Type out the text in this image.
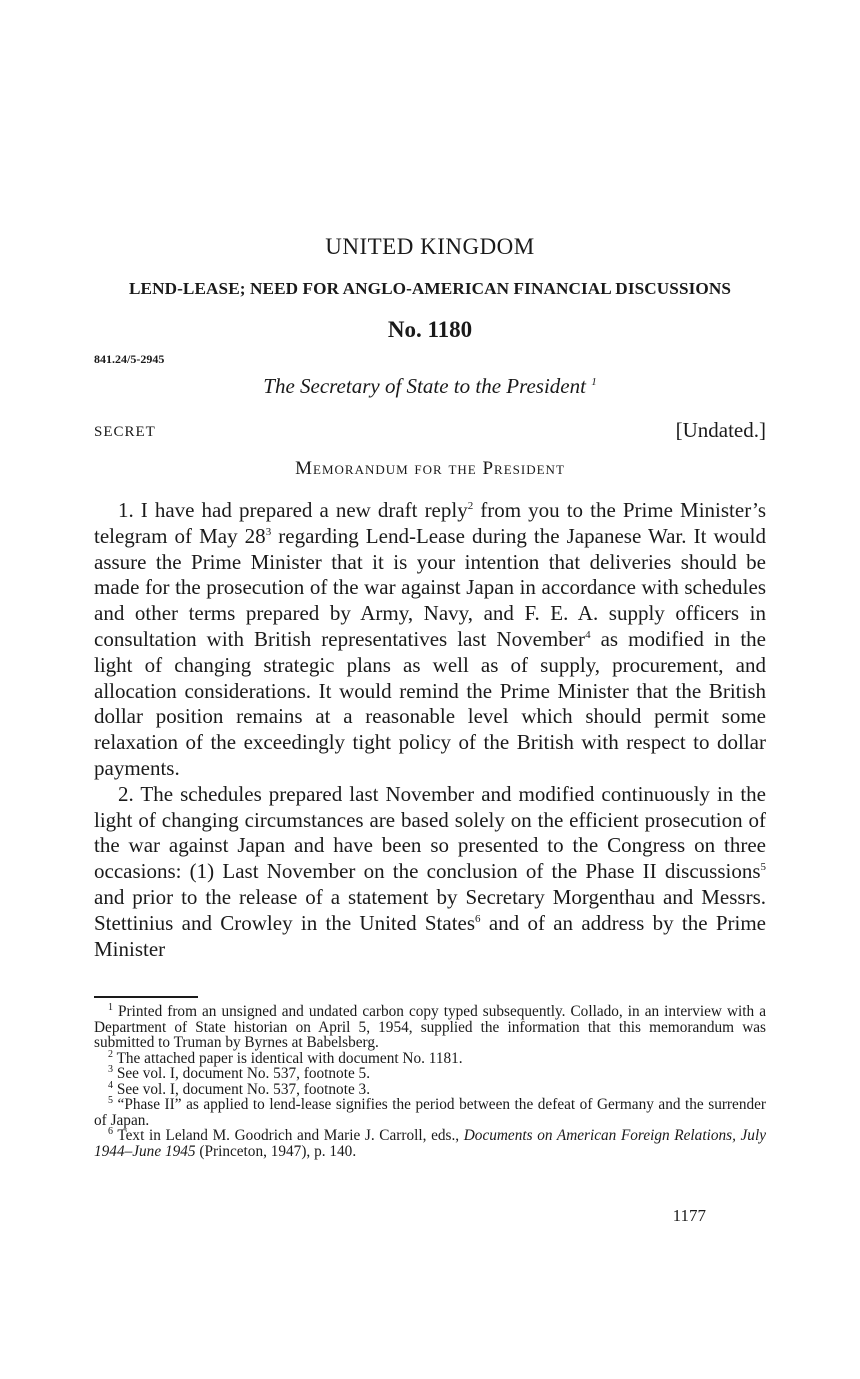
UNITED KINGDOM
LEND-LEASE; NEED FOR ANGLO-AMERICAN FINANCIAL DISCUSSIONS
No. 1180
841.24/5-2945
The Secretary of State to the President $^1$
SECRET	[Undated.]
Memorandum for the President

1. I have had prepared a new draft reply$^2$ from you to the Prime Minister’s telegram of May $28^3$ regarding Lend-Lease during the Japanese War. It would assure the Prime Minister that it is your intention that deliveries should be made for the prosecution of the war against Japan in accordance with schedules and other terms prepared by Army, Navy, and F. E. A. supply officers in consultation with British representatives last November$^4$ as modified in the light of changing strategic plans as well as of supply, procurement, and allocation considerations. It would remind the Prime Minister that the British dollar position remains at a reasonable level which should permit some relaxation of the exceedingly tight policy of the British with respect to dollar payments.

2. The schedules prepared last November and modified continuously in the light of changing circumstances are based solely on the efficient prosecution of the war against Japan and have been so presented to the Congress on three occasions: (1) Last November on the conclusion of the Phase II discussions$^5$ and prior to the release of a statement by Secretary Morgenthau and Messrs. Stettinius and Crowley in the United States$^6$ and of an address by the Prime Minister

$^1$ Printed from an unsigned and undated carbon copy typed subsequently. Collado, in an interview with a Department of State historian on April 5, 1954, supplied the information that this memorandum was submitted to Truman by Byrnes at Babelsberg.

$^2$ The attached paper is identical with document No. 1181.

$^3$ See vol. I, document No. 537, footnote 5.

$^4$ See vol. I, document No. 537, footnote 3.

$^5$ “Phase II” as applied to lend-lease signifies the period between the defeat of Germany and the surrender of Japan.

$^6$ Text in Leland M. Goodrich and Marie J. Carroll, eds., Documents on American Foreign Relations, July 1944–June 1945 (Princeton, 1947), p. 140.

1177
